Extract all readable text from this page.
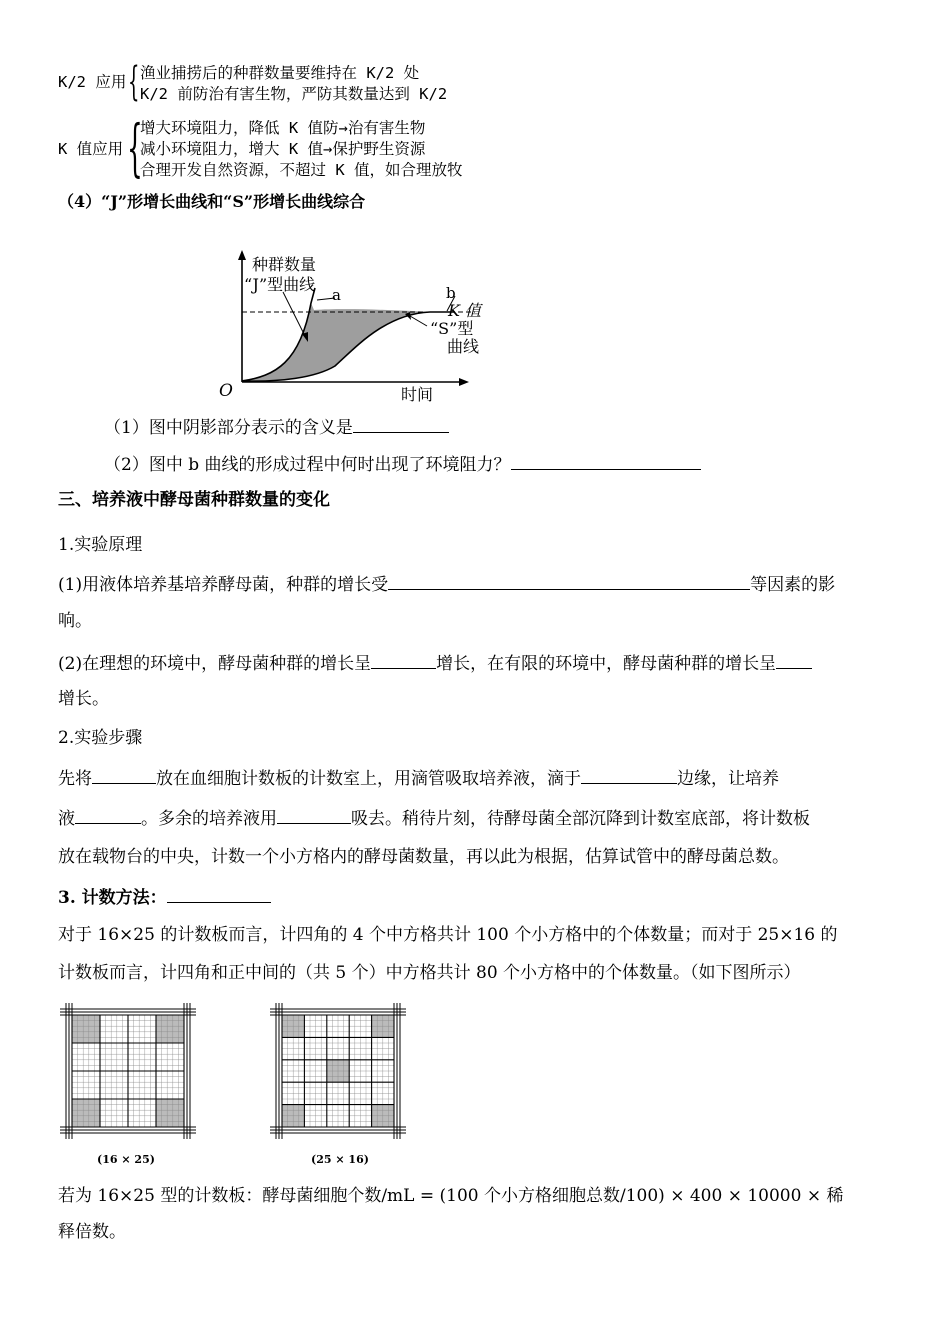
K/2 应用 { 渔业捕捞后的种群数量要维持在 K/2 处
K/2 前防治有害生物，严防其数量达到 K/2
K 值应用 {
增大环境阻力，降低 K 值防→治有害生物
减小环境阻力，增大 K 值→保护野生资源
合理开发自然资源，不超过 K 值，如合理放牧
（4）“J”形增长曲线和“S”形增长曲线综合
种群数量
“J”型曲线
a	b
K 值
“S”型
曲线
O	时间
（1）图中阴影部分表示的含义是
（2）图中 b 曲线的形成过程中何时出现了环境阻力？
三、培养液中酵母菌种群数量的变化
1.实验原理
(1)用液体培养基培养酵母菌，种群的增长受	等因素的影
响。
(2)在理想的环境中，酵母菌种群的增长呈	增长，在有限的环境中，酵母菌种群的增长呈
增长。
2.实验步骤
先将	放在血细胞计数板的计数室上，用滴管吸取培养液，滴于	边缘，让培养
液	。多余的培养液用	吸去。稍待片刻，待酵母菌全部沉降到计数室底部，将计数板
放在载物台的中央，计数一个小方格内的酵母菌数量，再以此为根据，估算试管中的酵母菌总数。
3. 计数方法：
对于 16×25 的计数板而言，计四角的 4 个中方格共计 100 个小方格中的个体数量；而对于 25×16 的
计数板而言，计四角和正中间的（共 5 个）中方格共计 80 个小方格中的个体数量。（如下图所示）
(16 × 25)	(25 × 16)
若为 16×25 型的计数板：酵母菌细胞个数/mL = (100 个小方格细胞总数/100) × 400 × 10000 × 稀
释倍数。
